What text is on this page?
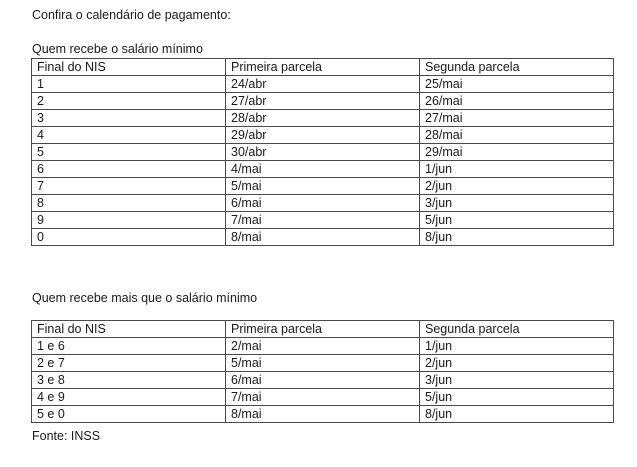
Confira o calendário de pagamento:
Quem recebe o salário mínimo
Final do NIS	Primeira parcela	Segunda parcela
1	24/abr	25/mai
2	27/abr	26/mai
3	28/abr	27/mai
4	29/abr	28/mai
5	30/abr	29/mai
6	4/mai	1/jun
7	5/mai	2/jun
8	6/mai	3/jun
9	7/mai	5/jun
0	8/mai	8/jun
Quem recebe mais que o salário mínimo
Final do NIS	Primeira parcela	Segunda parcela
1 e 6	2/mai	1/jun
2 e 7	5/mai	2/jun
3 e 8	6/mai	3/jun
4 e 9	7/mai	5/jun
5 e 0	8/mai	8/jun
Fonte: INSS
